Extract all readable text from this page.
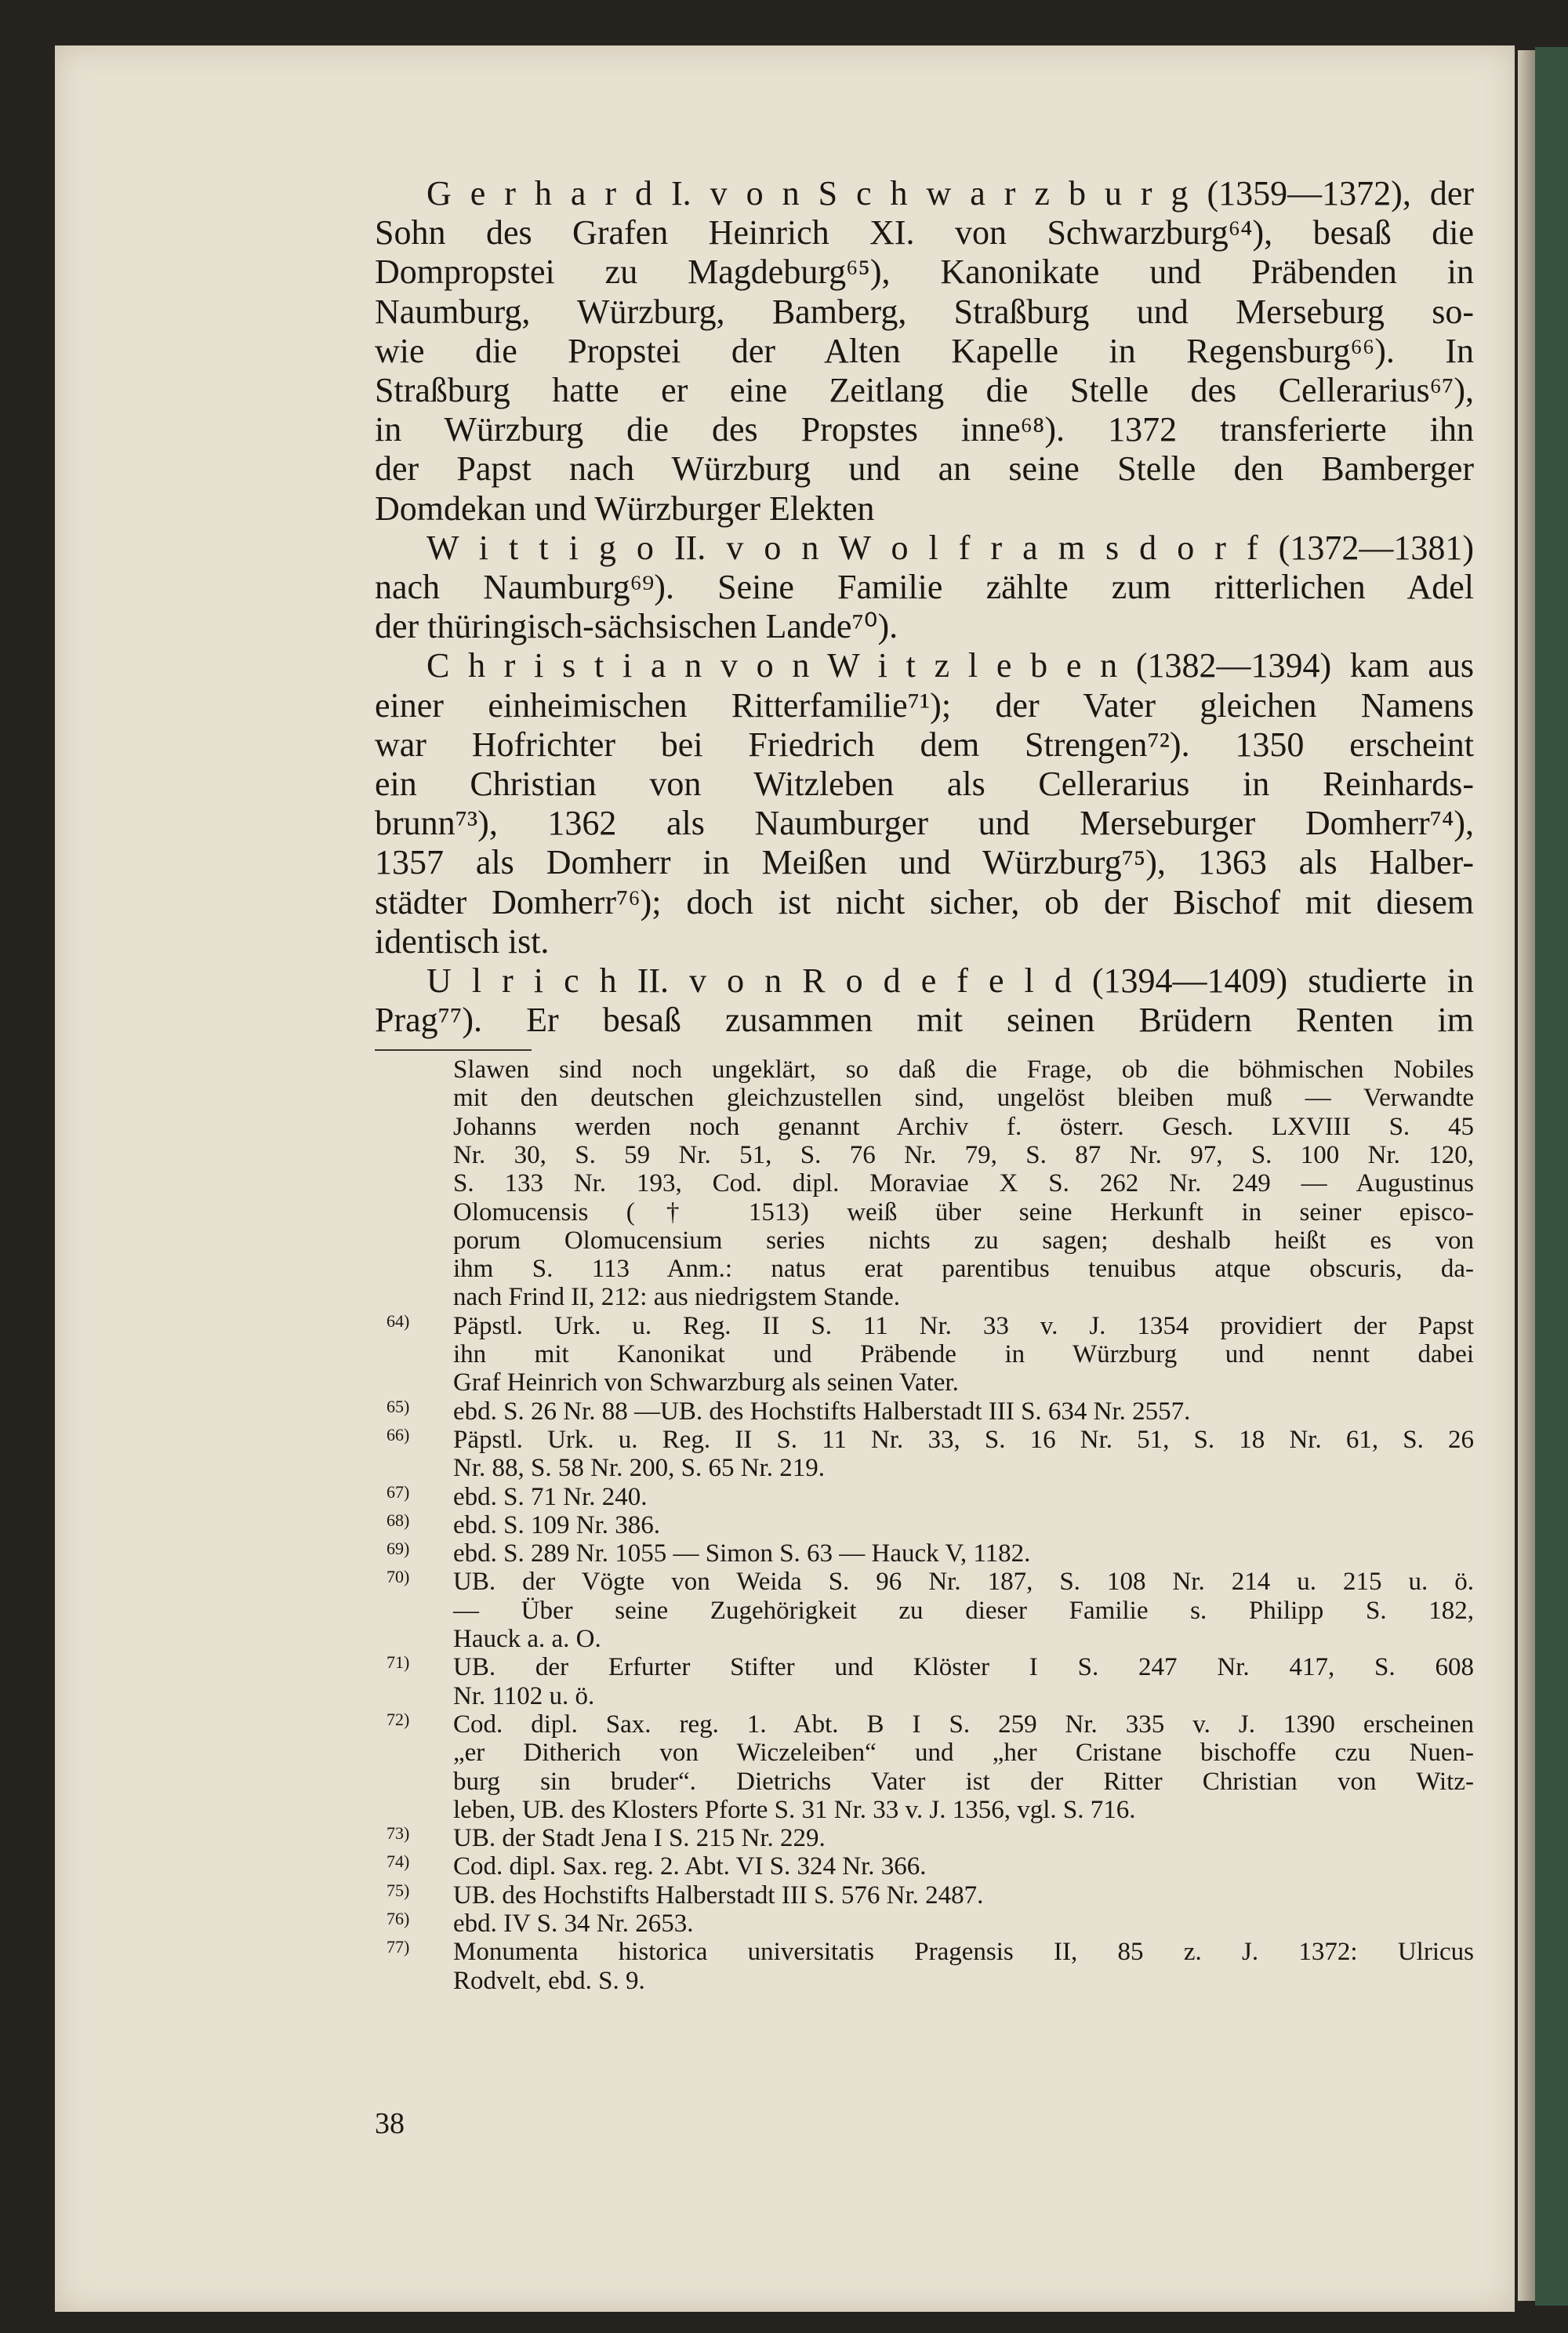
G e r h a r d I. v o n S c h w a r z b u r g (1359—1372), der
Sohn des Grafen Heinrich XI. von Schwarzburg⁶⁴), besaß die
Dompropstei zu Magdeburg⁶⁵), Kanonikate und Präbenden in
Naumburg, Würzburg, Bamberg, Straßburg und Merseburg so-
wie die Propstei der Alten Kapelle in Regensburg⁶⁶). In
Straßburg hatte er eine Zeitlang die Stelle des Cellerarius⁶⁷),
in Würzburg die des Propstes inne⁶⁸). 1372 transferierte ihn
der Papst nach Würzburg und an seine Stelle den Bamberger
Domdekan und Würzburger Elekten
W i t t i g o II. v o n W o l f r a m s d o r f (1372—1381)
nach Naumburg⁶⁹). Seine Familie zählte zum ritterlichen Adel
der thüringisch-sächsischen Lande⁷⁰).
C h r i s t i a n v o n W i t z l e b e n (1382—1394) kam aus
einer einheimischen Ritterfamilie⁷¹); der Vater gleichen Namens
war Hofrichter bei Friedrich dem Strengen⁷²). 1350 erscheint
ein Christian von Witzleben als Cellerarius in Reinhards-
brunn⁷³), 1362 als Naumburger und Merseburger Domherr⁷⁴),
1357 als Domherr in Meißen und Würzburg⁷⁵), 1363 als Halber-
städter Domherr⁷⁶); doch ist nicht sicher, ob der Bischof mit diesem
identisch ist.
U l r i c h II. v o n R o d e f e l d (1394—1409) studierte in
Prag⁷⁷). Er besaß zusammen mit seinen Brüdern Renten im
Slawen sind noch ungeklärt, so daß die Frage, ob die böhmischen Nobiles
mit den deutschen gleichzustellen sind, ungelöst bleiben muß — Verwandte
Johanns werden noch genannt Archiv f. österr. Gesch. LXVIII S. 45
Nr. 30, S. 59 Nr. 51, S. 76 Nr. 79, S. 87 Nr. 97, S. 100 Nr. 120,
S. 133 Nr. 193, Cod. dipl. Moraviae X S. 262 Nr. 249 — Augustinus
Olomucensis († 1513) weiß über seine Herkunft in seiner episco-
porum Olomucensium series nichts zu sagen; deshalb heißt es von
ihm S. 113 Anm.: natus erat parentibus tenuibus atque obscuris, da-
nach Frind II, 212: aus niedrigstem Stande.
64)	Päpstl. Urk. u. Reg. II S. 11 Nr. 33 v. J. 1354 providiert der Papst
ihn mit Kanonikat und Präbende in Würzburg und nennt dabei
Graf Heinrich von Schwarzburg als seinen Vater.
65)	ebd. S. 26 Nr. 88 —UB. des Hochstifts Halberstadt III S. 634 Nr. 2557.
66)	Päpstl. Urk. u. Reg. II S. 11 Nr. 33, S. 16 Nr. 51, S. 18 Nr. 61, S. 26
Nr. 88, S. 58 Nr. 200, S. 65 Nr. 219.
67)	ebd. S. 71 Nr. 240.
68)	ebd. S. 109 Nr. 386.
69)	ebd. S. 289 Nr. 1055 — Simon S. 63 — Hauck V, 1182.
70)	UB. der Vögte von Weida S. 96 Nr. 187, S. 108 Nr. 214 u. 215 u. ö.
— Über seine Zugehörigkeit zu dieser Familie s. Philipp S. 182,
Hauck a. a. O.
71)	UB. der Erfurter Stifter und Klöster I S. 247 Nr. 417, S. 608
Nr. 1102 u. ö.
72)	Cod. dipl. Sax. reg. 1. Abt. B I S. 259 Nr. 335 v. J. 1390 erscheinen
„er Ditherich von Wiczeleiben“ und „her Cristane bischoffe czu Nuen-
burg sin bruder“. Dietrichs Vater ist der Ritter Christian von Witz-
leben, UB. des Klosters Pforte S. 31 Nr. 33 v. J. 1356, vgl. S. 716.
73)	UB. der Stadt Jena I S. 215 Nr. 229.
74)	Cod. dipl. Sax. reg. 2. Abt. VI S. 324 Nr. 366.
75)	UB. des Hochstifts Halberstadt III S. 576 Nr. 2487.
76)	ebd. IV S. 34 Nr. 2653.
77)	Monumenta historica universitatis Pragensis II, 85 z. J. 1372: Ulricus
Rodvelt, ebd. S. 9.
38
